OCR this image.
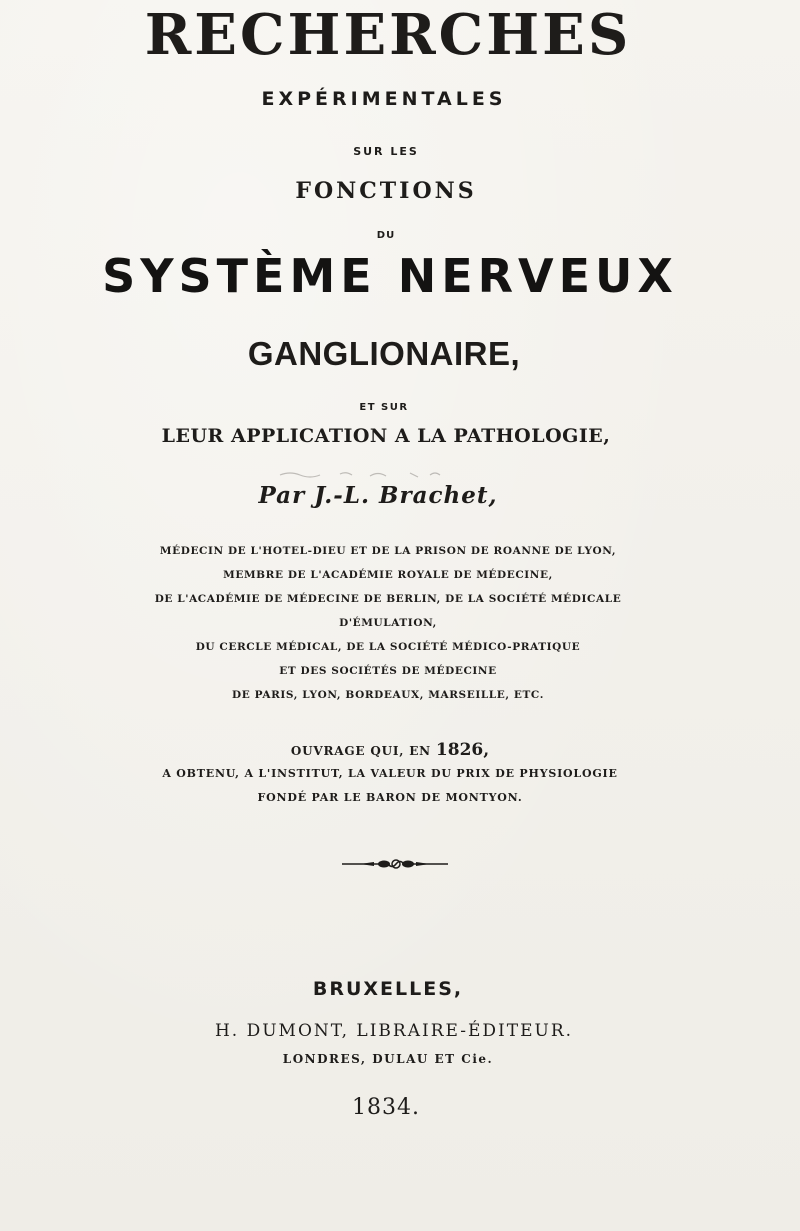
RECHERCHES

EXPÉRIMENTALES

SUR LES

FONCTIONS

DU

SYSTÈME NERVEUX

GANGLIONAIRE,

ET SUR

LEUR APPLICATION A LA PATHOLOGIE,

Par J.-L. Brachet,

MÉDECIN DE L'HOTEL-DIEU ET DE LA PRISON DE ROANNE DE LYON,

MEMBRE DE L'ACADÉMIE ROYALE DE MÉDECINE,

DE L'ACADÉMIE DE MÉDECINE DE BERLIN, DE LA SOCIÉTÉ MÉDICALE

D'ÉMULATION,

DU CERCLE MÉDICAL, DE LA SOCIÉTÉ MÉDICO-PRATIQUE

ET DES SOCIÉTÉS DE MÉDECINE

DE PARIS, LYON, BORDEAUX, MARSEILLE, ETC.

OUVRAGE QUI, EN 1826,

A OBTENU, A L'INSTITUT, LA VALEUR DU PRIX DE PHYSIOLOGIE

FONDÉ PAR LE BARON DE MONTYON.

BRUXELLES,

H. DUMONT, LIBRAIRE-ÉDITEUR.

LONDRES, DULAU ET Cie.

1834.
